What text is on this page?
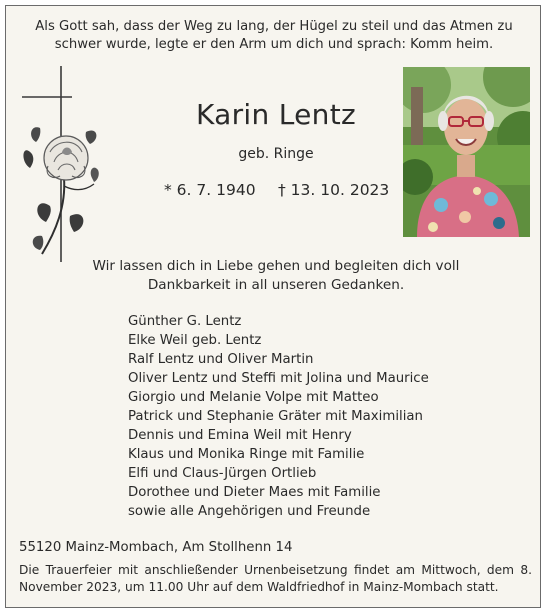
Als Gott sah, dass der Weg zu lang, der Hügel zu steil und das Atmen zu schwer wurde, legte er den Arm um dich und sprach: Komm heim.
Karin Lentz
geb. Ringe
* 6. 7. 1940 † 13. 10. 2023
Wir lassen dich in Liebe gehen und begleiten dich voll Dankbarkeit in all unseren Gedanken.
Günther G. Lentz
Elke Weil geb. Lentz
Ralf Lentz und Oliver Martin
Oliver Lentz und Steffi mit Jolina und Maurice
Giorgio und Melanie Volpe mit Matteo
Patrick und Stephanie Gräter mit Maximilian
Dennis und Emina Weil mit Henry
Klaus und Monika Ringe mit Familie
Elfi und Claus-Jürgen Ortlieb
Dorothee und Dieter Maes mit Familie
sowie alle Angehörigen und Freunde
55120 Mainz-Mombach, Am Stollhenn 14
Die Trauerfeier mit anschließender Urnenbeisetzung findet am Mittwoch, dem 8. November 2023, um 11.00 Uhr auf dem Waldfriedhof in Mainz-Mombach statt.
